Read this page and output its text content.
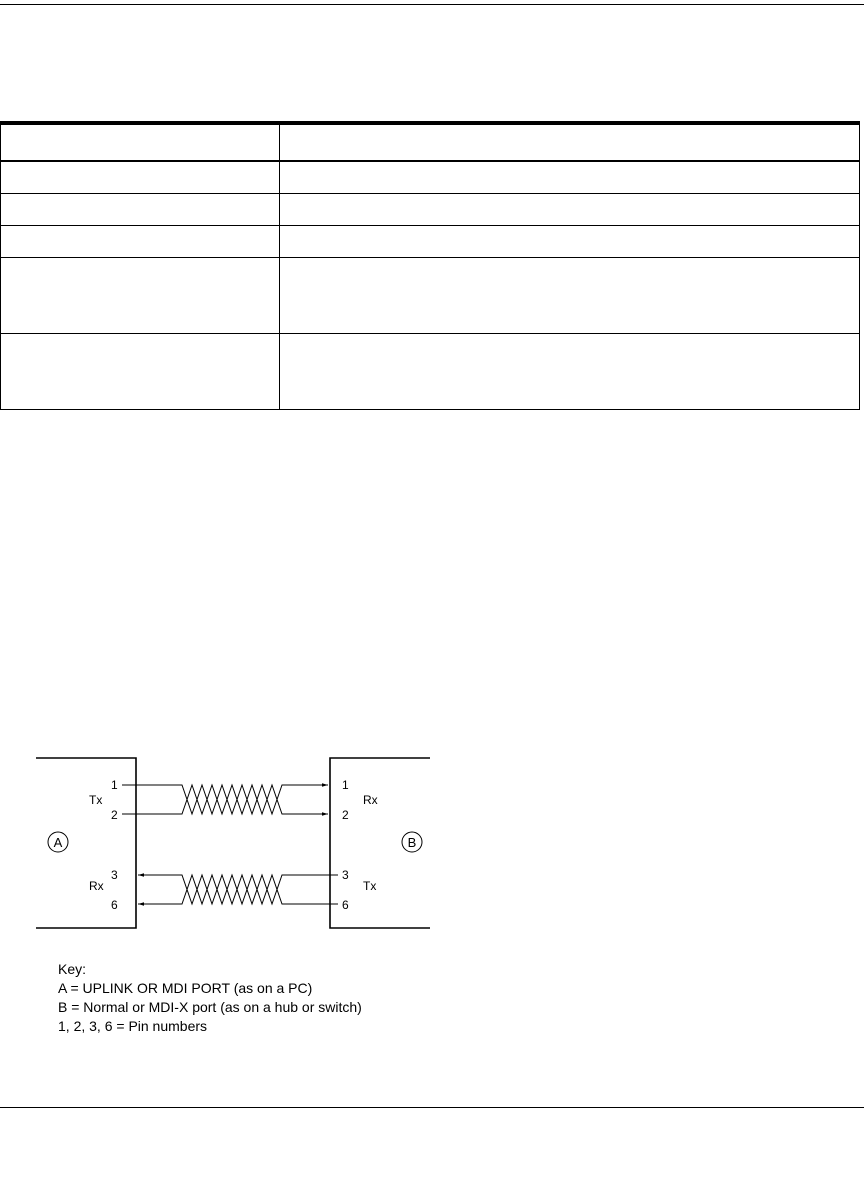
A	B
Tx
Rx
Rx
Tx
1
2
3
6
1
2
3
6
Key:
A = UPLINK OR MDI PORT (as on a PC)
B = Normal or MDI-X port (as on a hub or switch)
1, 2, 3, 6 = Pin numbers
